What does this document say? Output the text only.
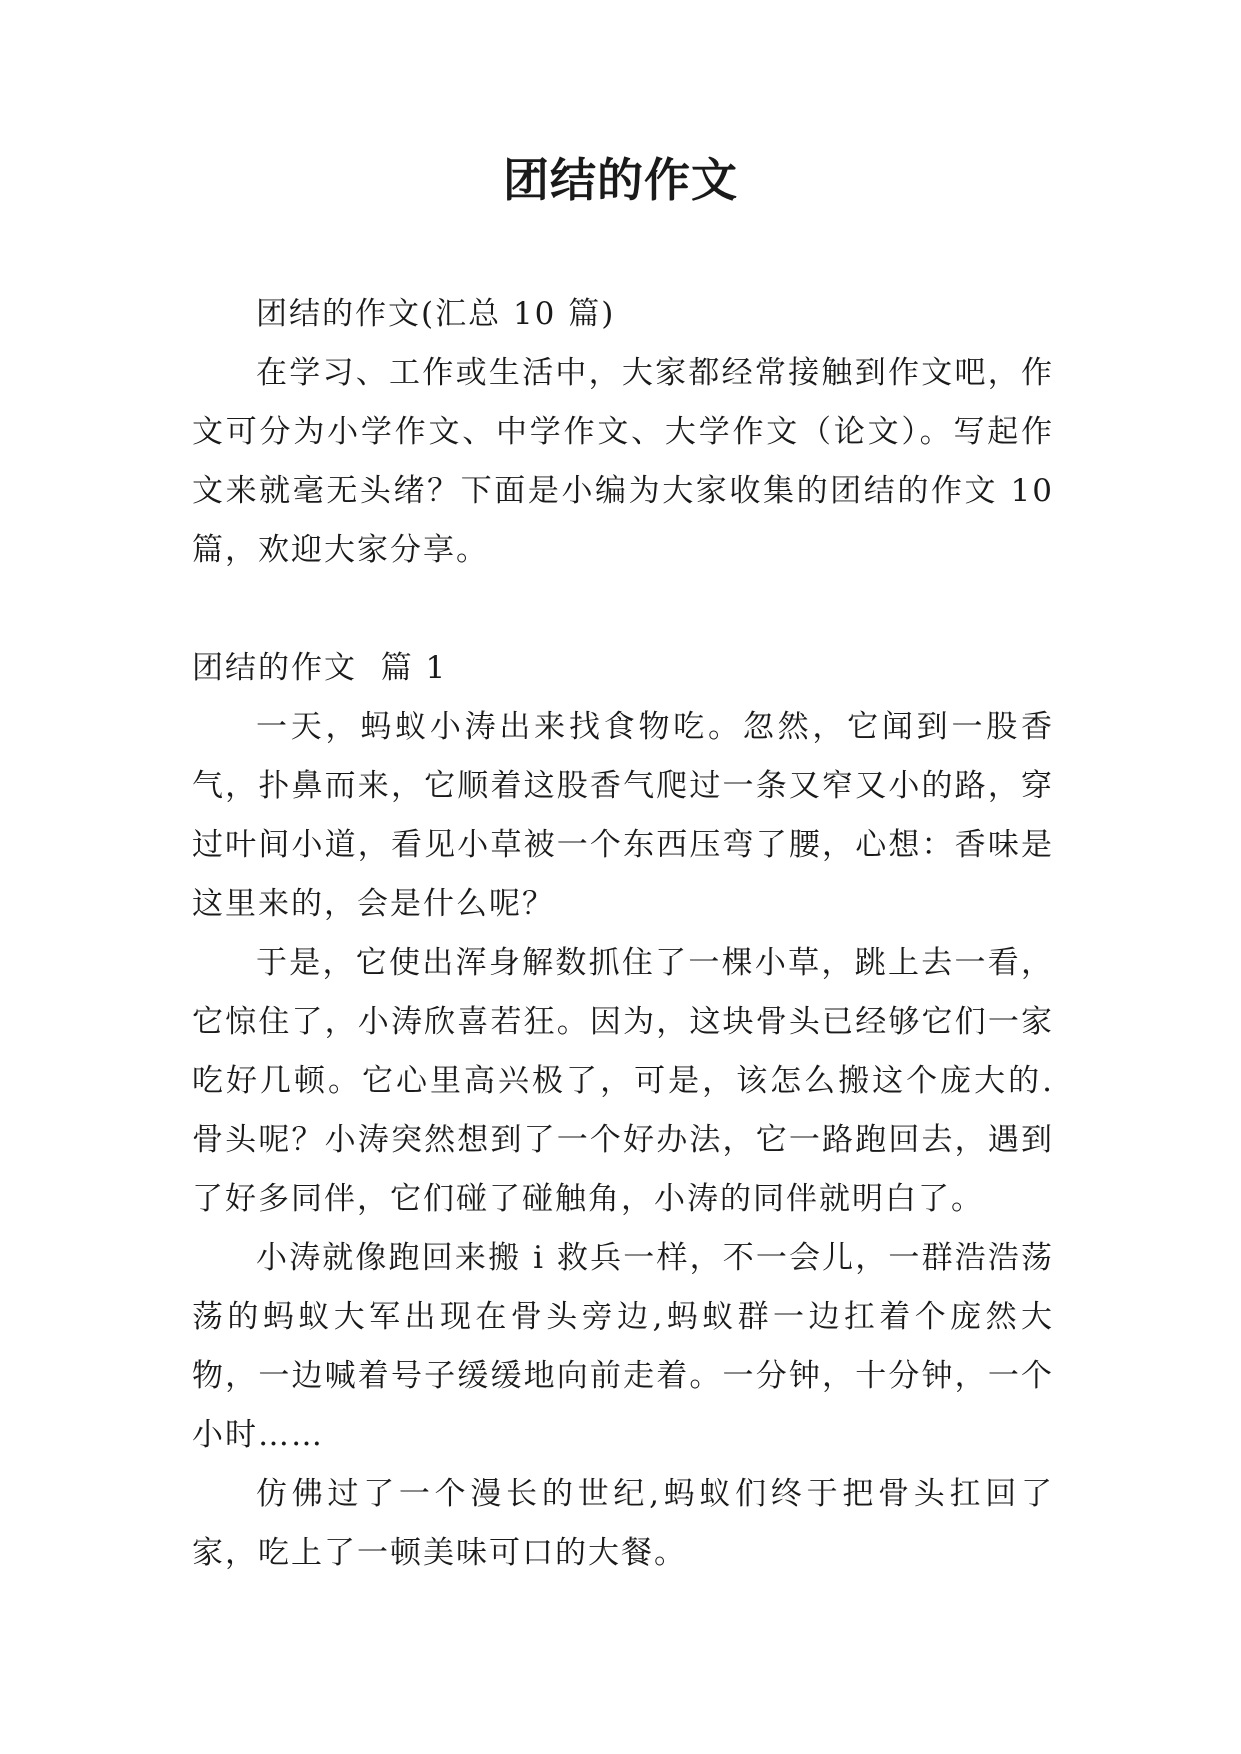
团结的作文

团结的作文(汇总 10 篇)

在学习、工作或生活中，大家都经常接触到作文吧，作文可分为小学作文、中学作文、大学作文（论文）。写起作文来就毫无头绪？下面是小编为大家收集的团结的作文 10 篇，欢迎大家分享。

团结的作文  篇 1

一天，蚂蚁小涛出来找食物吃。忽然，它闻到一股香气，扑鼻而来，它顺着这股香气爬过一条又窄又小的路，穿过叶间小道，看见小草被一个东西压弯了腰，心想：香味是这里来的，会是什么呢？

于是，它使出浑身解数抓住了一棵小草，跳上去一看，它惊住了，小涛欣喜若狂。因为，这块骨头已经够它们一家吃好几顿。它心里高兴极了，可是，该怎么搬这个庞大的.骨头呢？小涛突然想到了一个好办法，它一路跑回去，遇到了好多同伴，它们碰了碰触角，小涛的同伴就明白了。

小涛就像跑回来搬 i 救兵一样，不一会儿，一群浩浩荡荡的蚂蚁大军出现在骨头旁边,蚂蚁群一边扛着个庞然大物，一边喊着号子缓缓地向前走着。一分钟，十分钟，一个小时……

仿佛过了一个漫长的世纪,蚂蚁们终于把骨头扛回了家，吃上了一顿美味可口的大餐。
